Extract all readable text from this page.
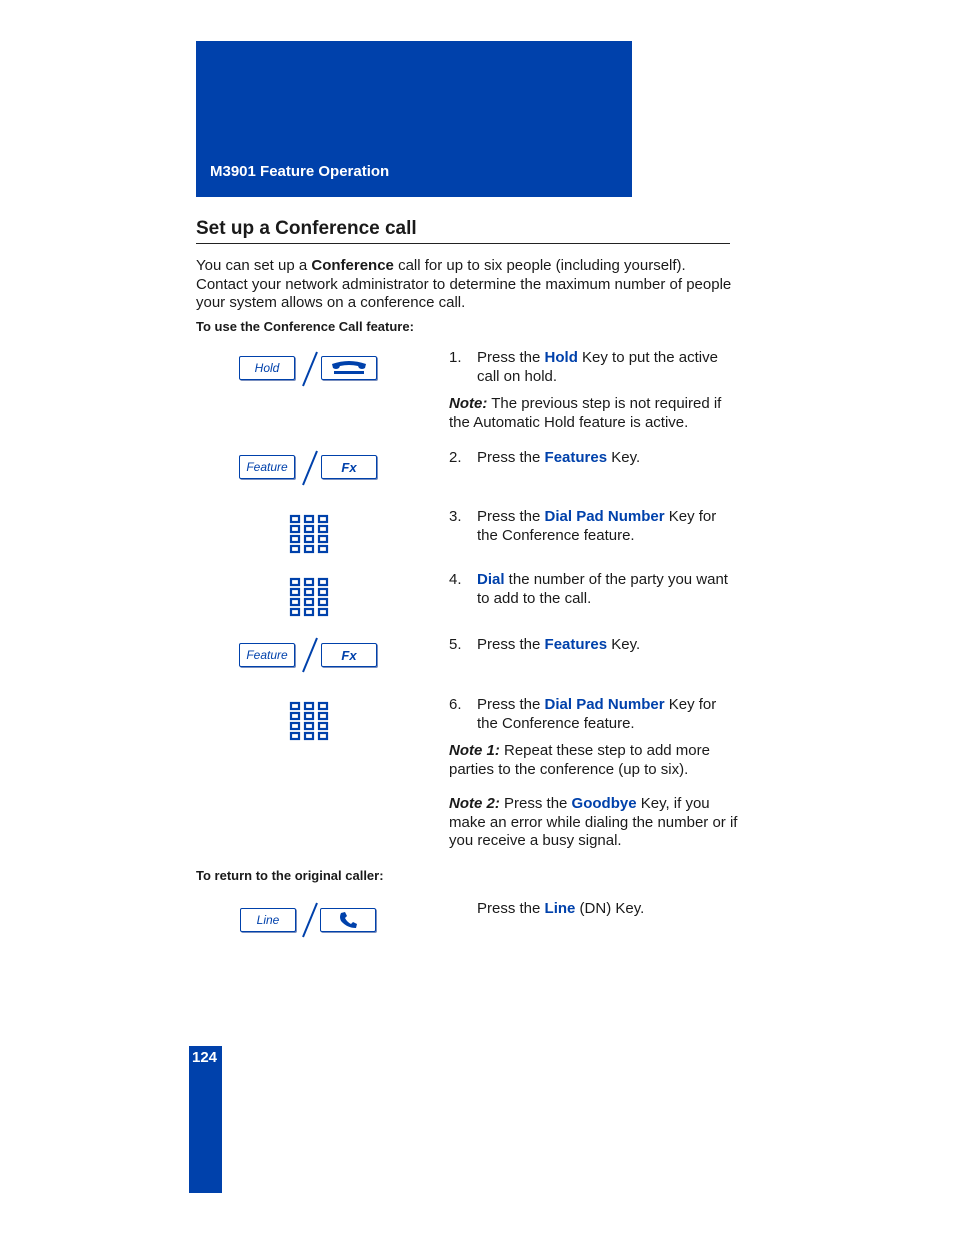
M3901 Feature Operation
Set up a Conference call
You can set up a Conference call for up to six people (including yourself). Contact your network administrator to determine the maximum number of people your system allows on a conference call.
To use the Conference Call feature:
Hold
1. Press the Hold Key to put the active call on hold.
Note: The previous step is not required if the Automatic Hold feature is active.
Feature	Fx
2. Press the Features Key.
3. Press the Dial Pad Number Key for the Conference feature.
4. Dial the number of the party you want to add to the call.
Feature	Fx
5. Press the Features Key.
6. Press the Dial Pad Number Key for the Conference feature.
Note 1: Repeat these step to add more parties to the conference (up to six).
Note 2: Press the Goodbye Key, if you make an error while dialing the number or if you receive a busy signal.
To return to the original caller:
Line
Press the Line (DN) Key.
124
